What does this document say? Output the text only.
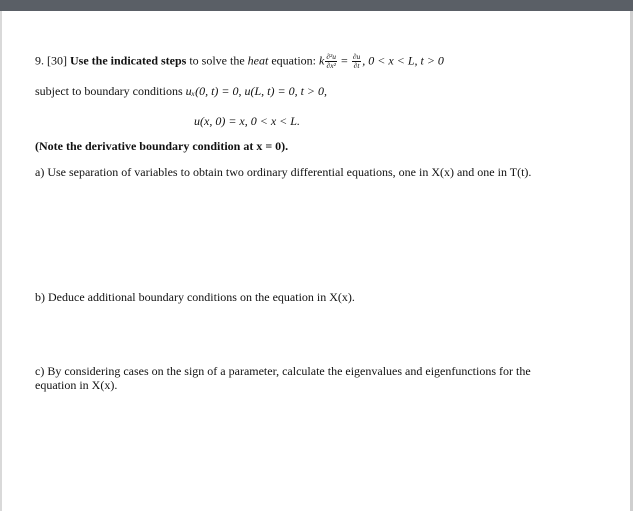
9. [30] Use the indicated steps to solve the heat equation: k $\frac{\text{∂²u}}{\text{∂x²}} = \frac{\partial u}{\partial t}$ , 0 < x < L, t > 0
subject to boundary conditions uₓ(0, t) = 0, u(L, t) = 0, t > 0,
u(x, 0) = x, 0 < x < L.
(Note the derivative boundary condition at x = 0).
a) Use separation of variables to obtain two ordinary differential equations, one in X(x) and one in T(t).
b) Deduce additional boundary conditions on the equation in X(x).
c) By considering cases on the sign of a parameter, calculate the eigenvalues and eigenfunctions for the
equation in X(x).
